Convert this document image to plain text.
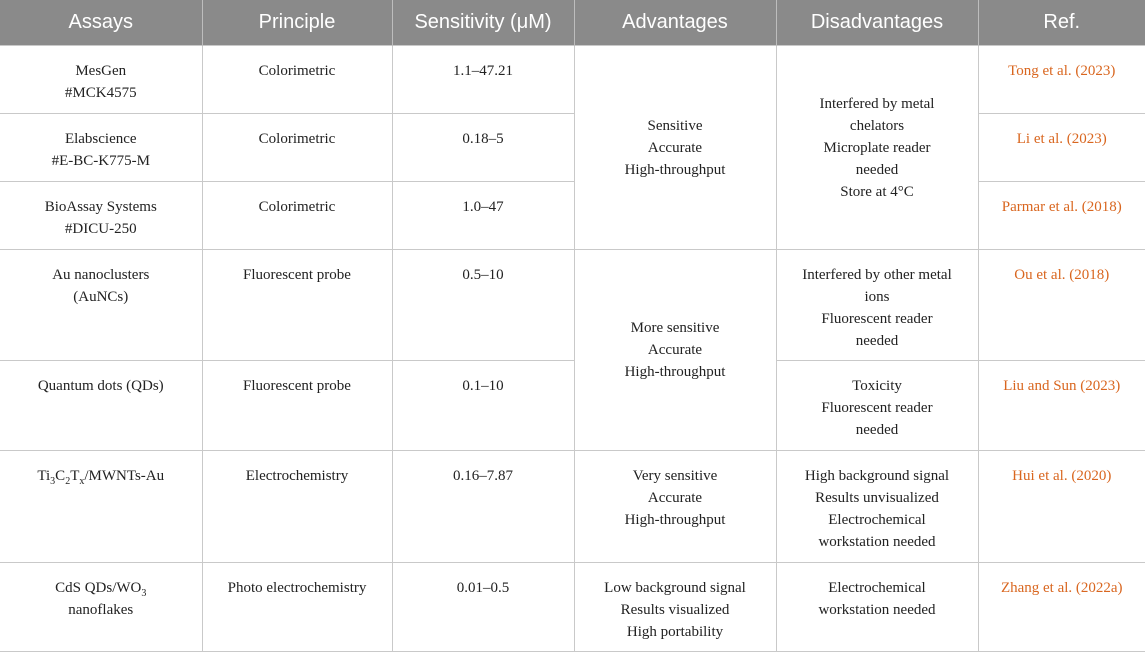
Assays	Principle	Sensitivity (μM)	Advantages	Disadvantages	Ref.

MesGen
#MCK4575	Colorimetric	1.1–47.21	Sensitive
Accurate
High-throughput	Interfered by metal
chelators
Microplate reader
needed
Store at 4°C	Tong et al. (2023)

Elabscience
#E-BC-K775-M	Colorimetric	0.18–5			Li et al. (2023)

BioAssay Systems
#DICU-250	Colorimetric	1.0–47			Parmar et al. (2018)

Au nanoclusters
(AuNCs)	Fluorescent probe	0.5–10	More sensitive
Accurate
High-throughput	Interfered by other metal
ions
Fluorescent reader
needed	Ou et al. (2018)

Quantum dots (QDs)	Fluorescent probe	0.1–10		Toxicity
Fluorescent reader
needed	Liu and Sun (2023)
$Ti_3C_2T_x/MWNTs-Au$	Electrochemistry	0.16–7.87	Very sensitive
Accurate
High-throughput	High background signal
Results unvisualized
Electrochemical
workstation needed	Hui et al. (2020)

CdS QDs/$WO_3$
nanoflakes	Photo electrochemistry	0.01–0.5	Low background signal
Results visualized
High portability	Electrochemical
workstation needed	Zhang et al. (2022a)
